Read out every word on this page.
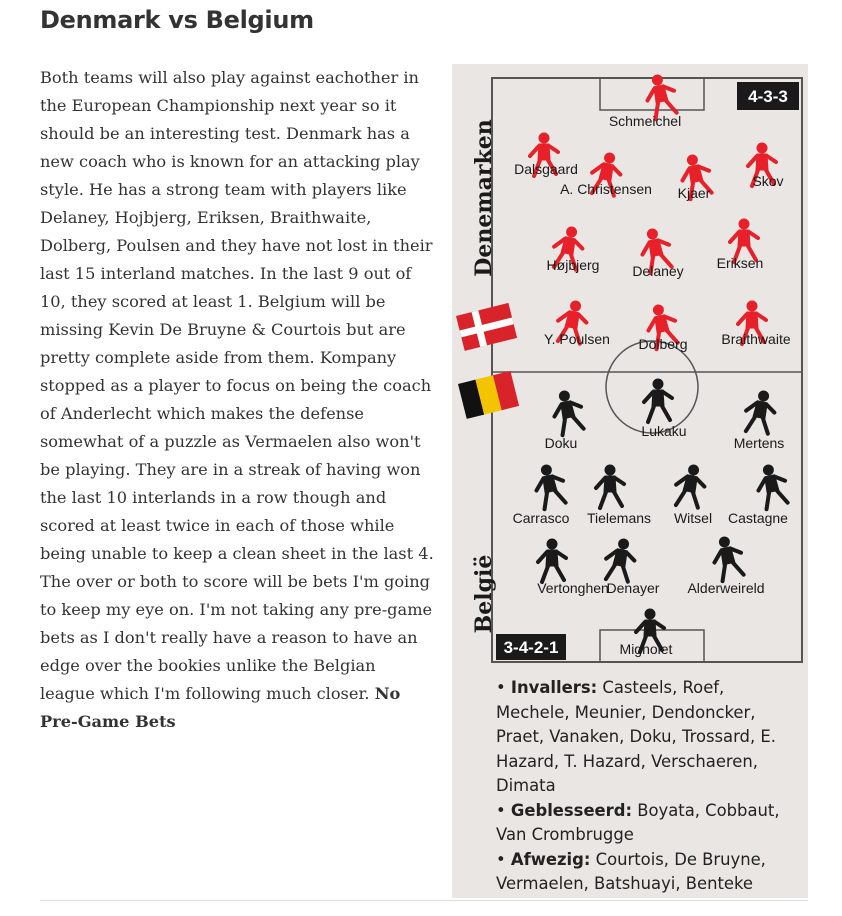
Denmark vs Belgium

Both teams will also play against eachother in the European Championship next year so it should be an interesting test. Denmark has a new coach who is known for an attacking play style. He has a strong team with players like Delaney, Hojbjerg, Eriksen, Braithwaite, Dolberg, Poulsen and they have not lost in their last 15 interland matches. In the last 9 out of 10, they scored at least 1. Belgium will be missing Kevin De Bruyne & Courtois but are pretty complete aside from them. Kompany stopped as a player to focus on being the coach of Anderlecht which makes the defense somewhat of a puzzle as Vermaelen also won't be playing. They are in a streak of having won the last 10 interlands in a row though and scored at least twice in each of those while being unable to keep a clean sheet in the last 4. The over or both to score will be bets I'm going to keep my eye on. I'm not taking any pre-game bets as I don't really have a reason to have an edge over the bookies unlike the Belgian league which I'm following much closer. No Pre-Game Bets

4-3-3
3-4-2-1
Denemarken
België
Schmeichel
Dalsgaard
A. Christensen Kjaer
Skov
Højbjerg Delaney Eriksen
Y. Poulsen Dolberg Braithwaite
Doku
Lukaku
Mertens
Carrasco Tielemans Witsel Castagne
Vertonghen
Denayer Alderweireld
Mignolet
• Invallers: Casteels, Roef, Mechele, Meunier, Dendoncker, Praet, Vanaken, Doku, Trossard, E. Hazard, T. Hazard, Verschaeren, Dimata
• Geblesseerd: Boyata, Cobbaut, Van Crombrugge
• Afwezig: Courtois, De Bruyne, Vermaelen, Batshuayi, Benteke
